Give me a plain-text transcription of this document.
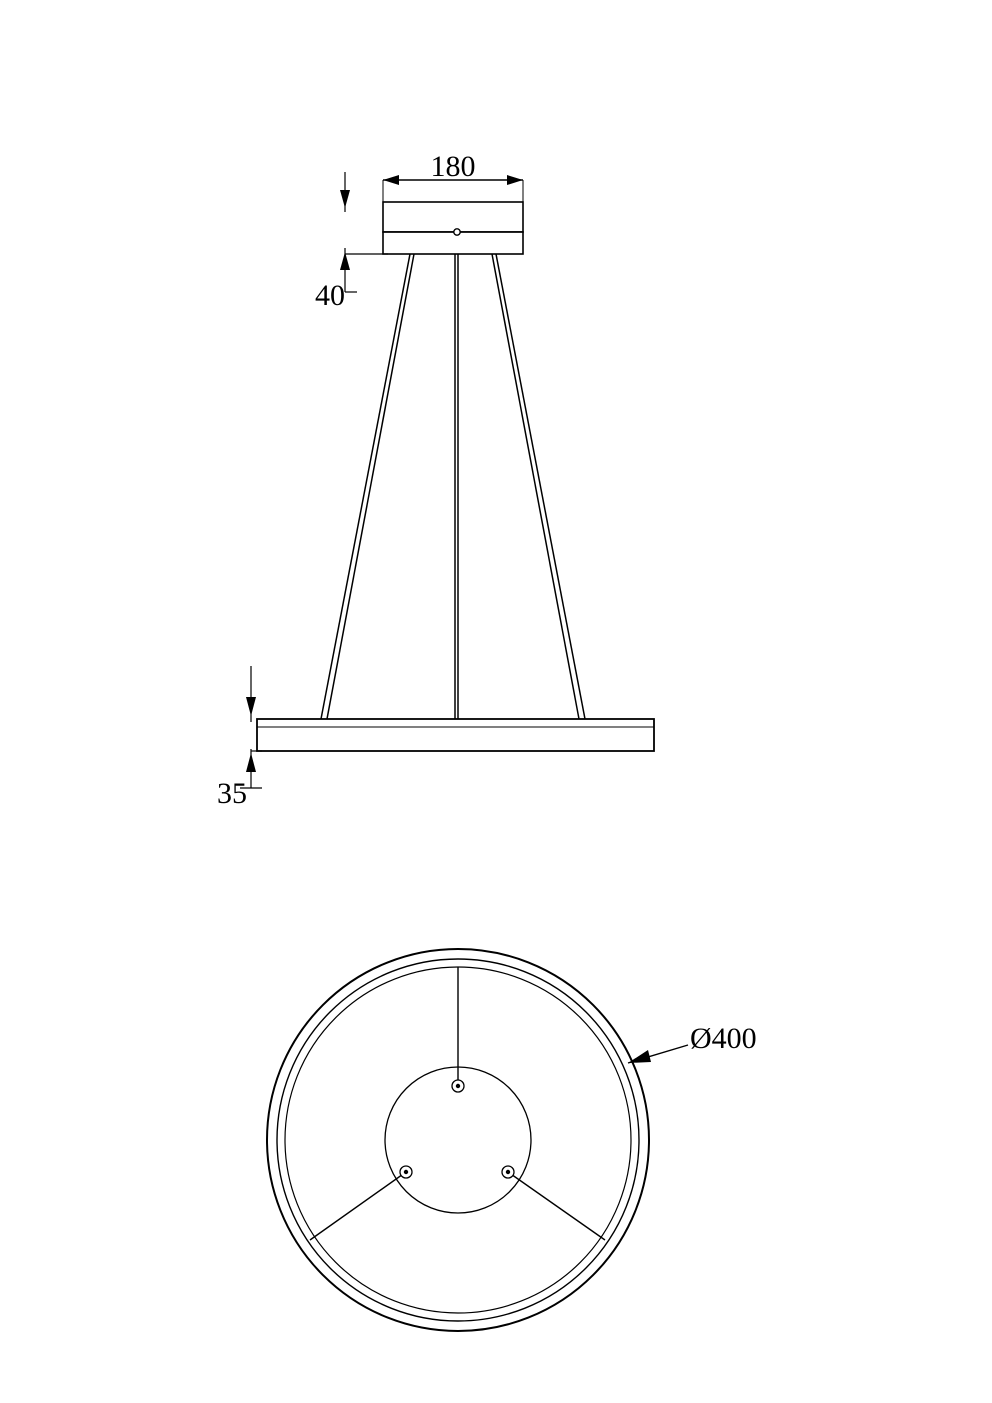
180
40
35
Ø400
